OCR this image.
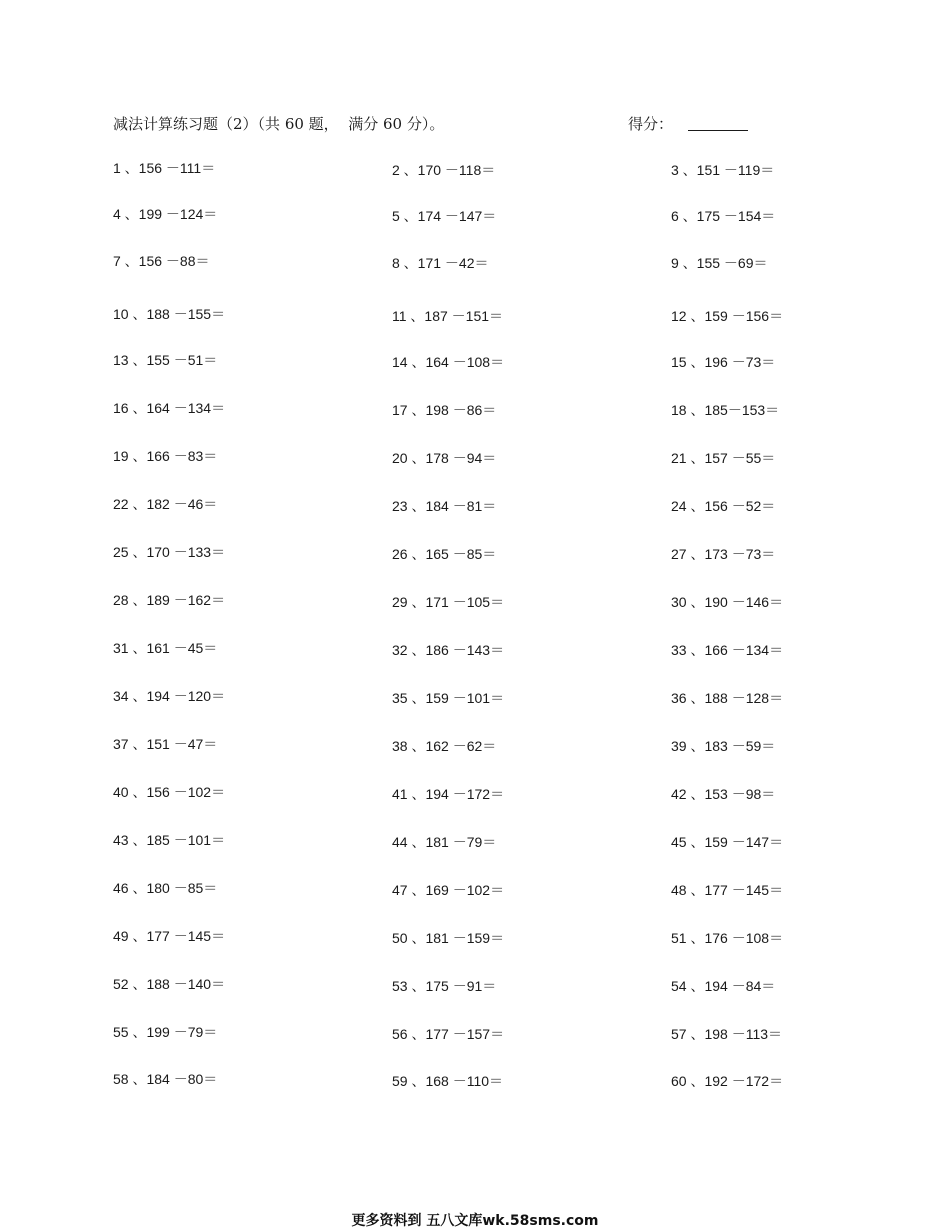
减法计算练习题（2）（共 60 题，  满分 60 分）。	得分：
1 、156 －111＝	2 、170 －118＝	3 、151 －119＝
4 、199 －124＝	5 、174 －147＝	6 、175 －154＝
7 、156 －88＝	8 、171 －42＝	9 、155 －69＝
10 、188 －155＝	11 、187 －151＝	12 、159 －156＝
13 、155 －51＝	14 、164 －108＝	15 、196 －73＝
16 、164 －134＝	17 、198 －86＝	18 、185－153＝
19 、166 －83＝	20 、178 －94＝	21 、157 －55＝
22 、182 －46＝	23 、184 －81＝	24 、156 －52＝
25 、170 －133＝	26 、165 －85＝	27 、173 －73＝
28 、189 －162＝	29 、171 －105＝	30 、190 －146＝
31 、161 －45＝	32 、186 －143＝	33 、166 －134＝
34 、194 －120＝	35 、159 －101＝	36 、188 －128＝
37 、151 －47＝	38 、162 －62＝	39 、183 －59＝
40 、156 －102＝	41 、194 －172＝	42 、153 －98＝
43 、185 －101＝	44 、181 －79＝	45 、159 －147＝
46 、180 －85＝	47 、169 －102＝	48 、177 －145＝
49 、177 －145＝	50 、181 －159＝	51 、176 －108＝
52 、188 －140＝	53 、175 －91＝	54 、194 －84＝
55 、199 －79＝	56 、177 －157＝	57 、198 －113＝
58 、184 －80＝	59 、168 －110＝	60 、192 －172＝
更多资料到 五八文库wk.58sms.com
